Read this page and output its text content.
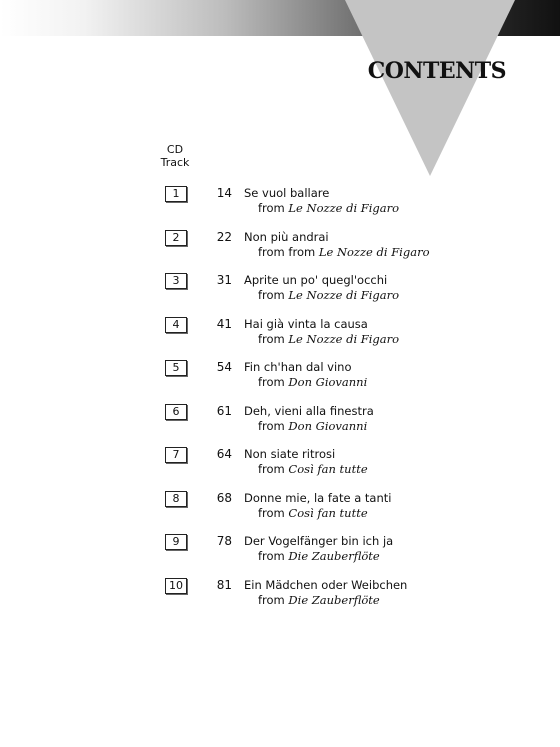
CONTENTS
CD
Track
1	14 Se vuol ballare
from Le Nozze di Figaro
2	22 Non più andrai
from from Le Nozze di Figaro
3	31 Aprite un po' quegl'occhi
from Le Nozze di Figaro
4	41 Hai già vinta la causa
from Le Nozze di Figaro
5	54 Fin ch'han dal vino
from Don Giovanni
6	61 Deh, vieni alla finestra
from Don Giovanni
7	64 Non siate ritrosi
from Così fan tutte
8	68 Donne mie, la fate a tanti
from Così fan tutte
9	78 Der Vogelfänger bin ich ja
from Die Zauberflöte
10	81 Ein Mädchen oder Weibchen
from Die Zauberflöte
